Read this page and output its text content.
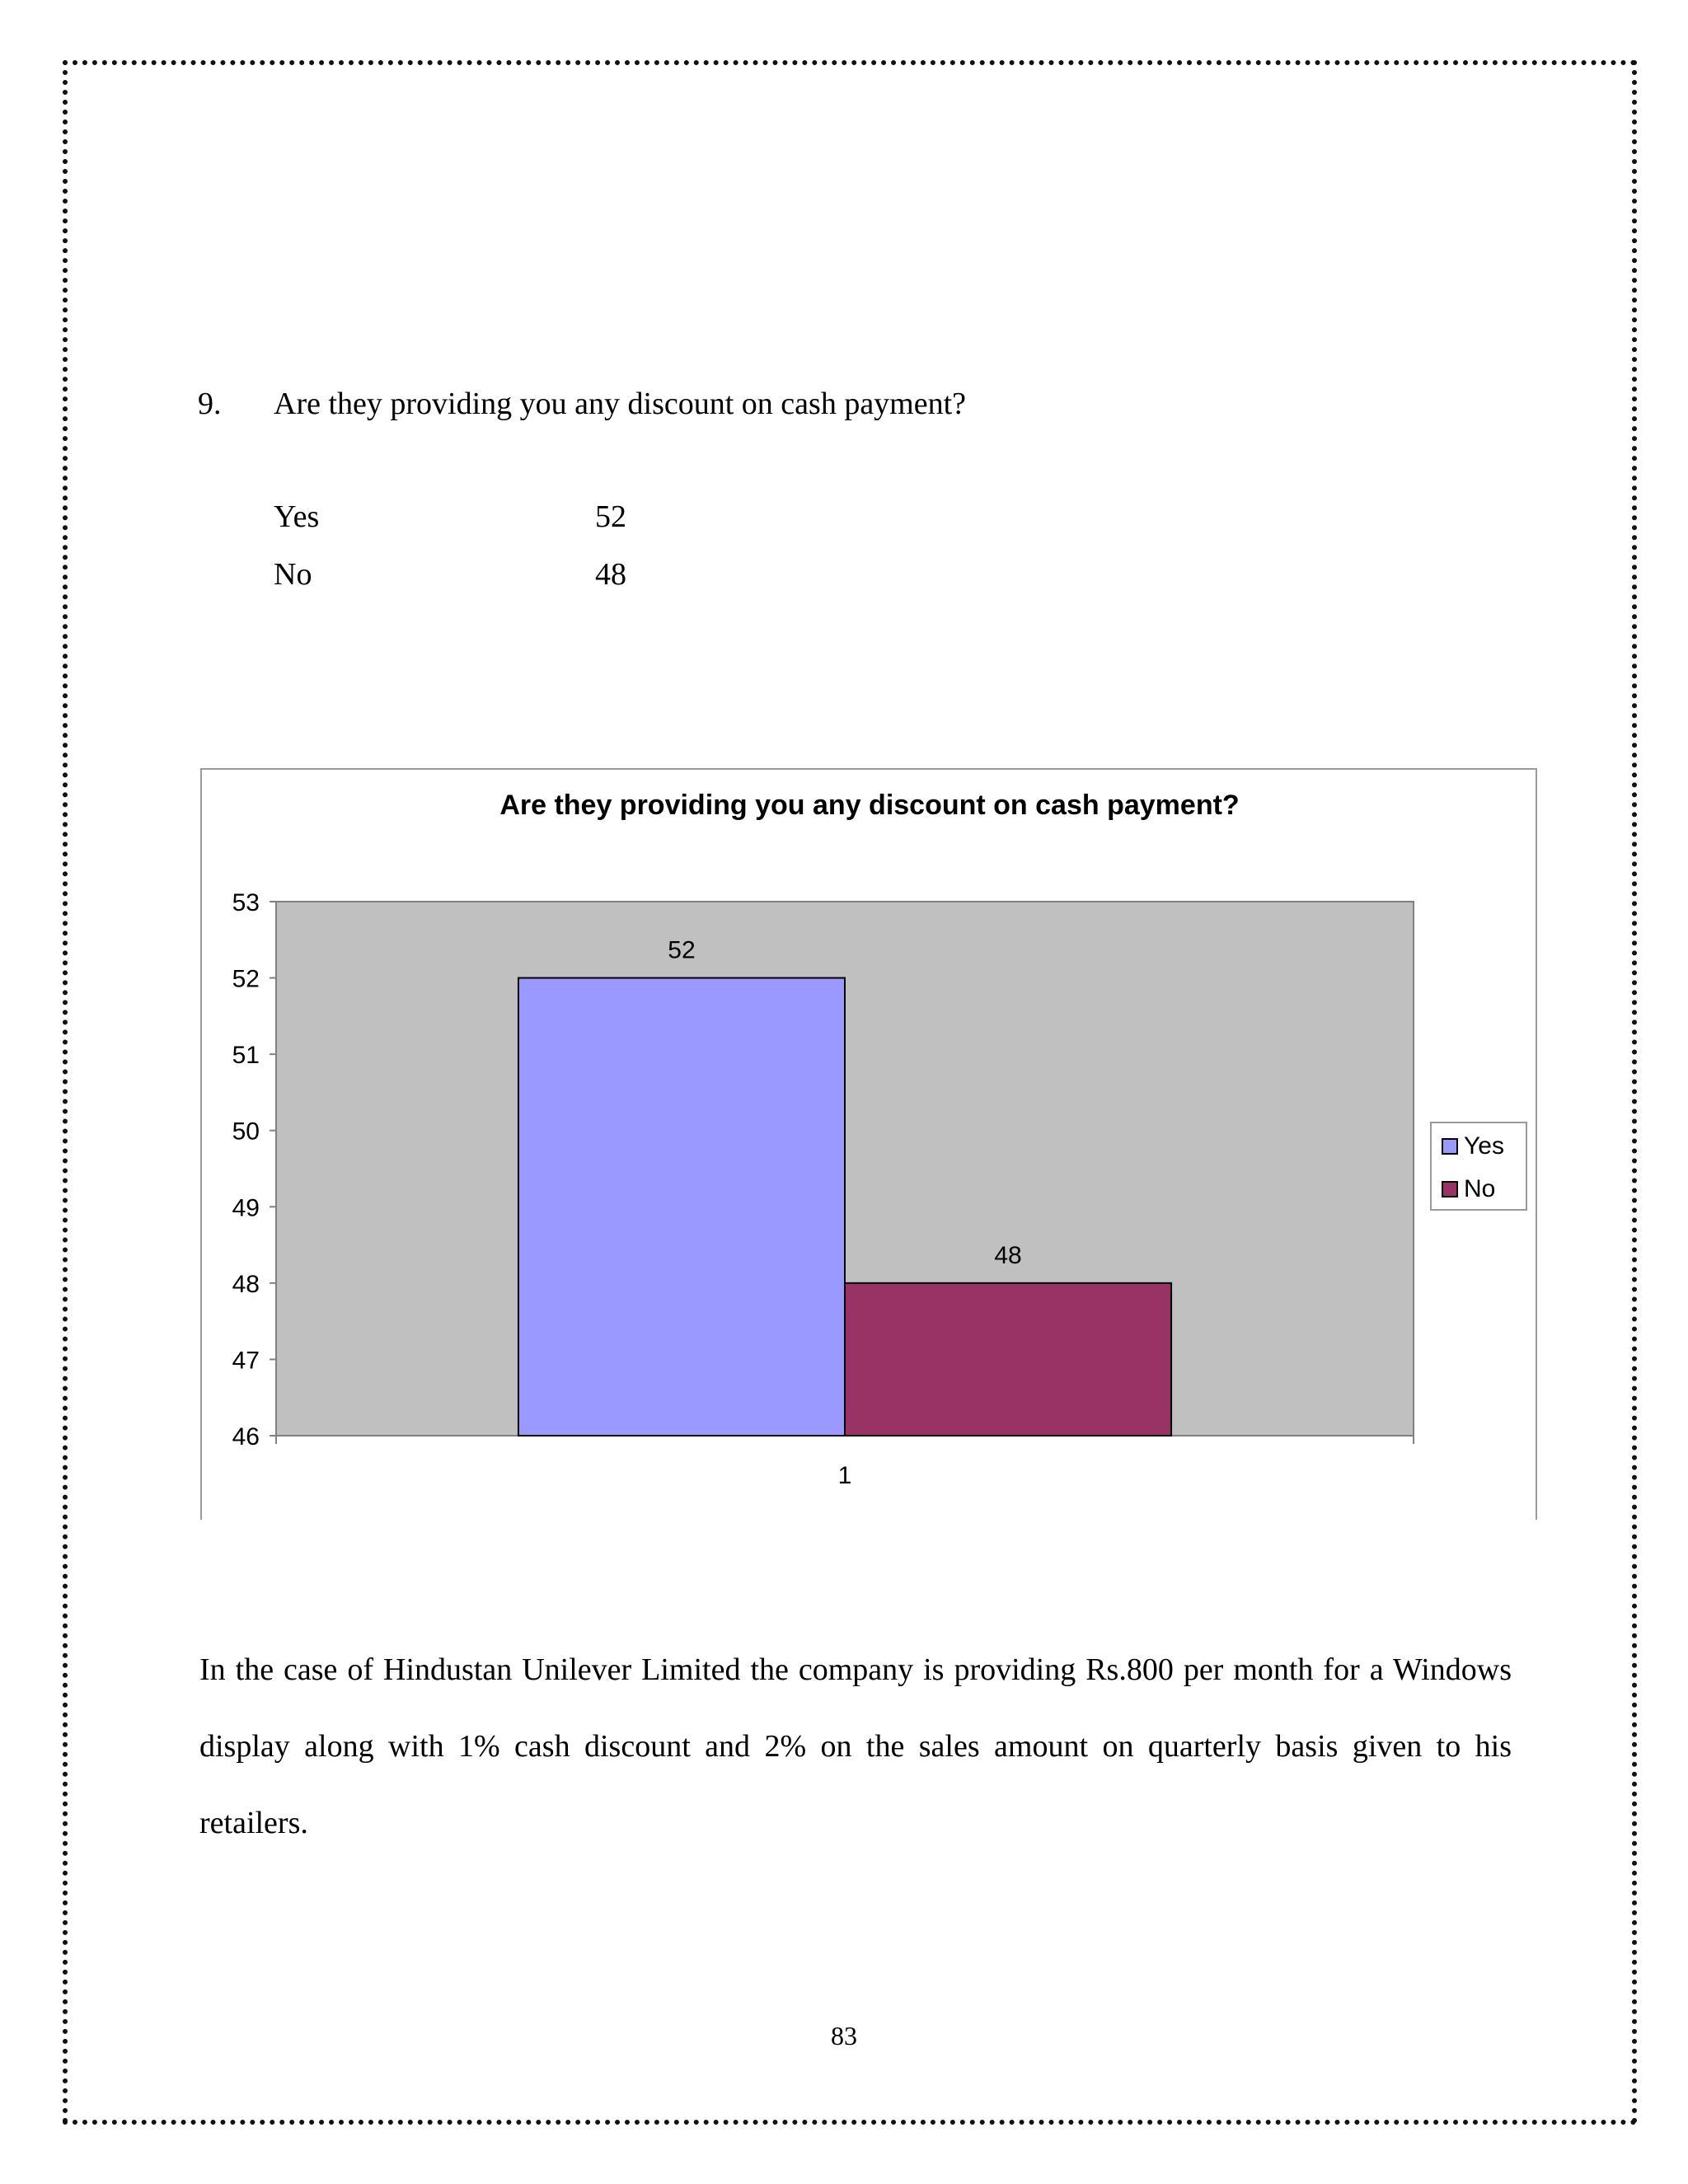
9. Are they providing you any discount on cash payment?
Yes	52
No	48
Are they providing you any discount on cash payment?
46
47
48
49
50
51
52
53
1
52
48
Yes
No
In the case of Hindustan Unilever Limited the company is providing Rs.800 per month for a Windows display along with 1% cash discount and 2% on the sales amount on quarterly basis given to his retailers.
83
